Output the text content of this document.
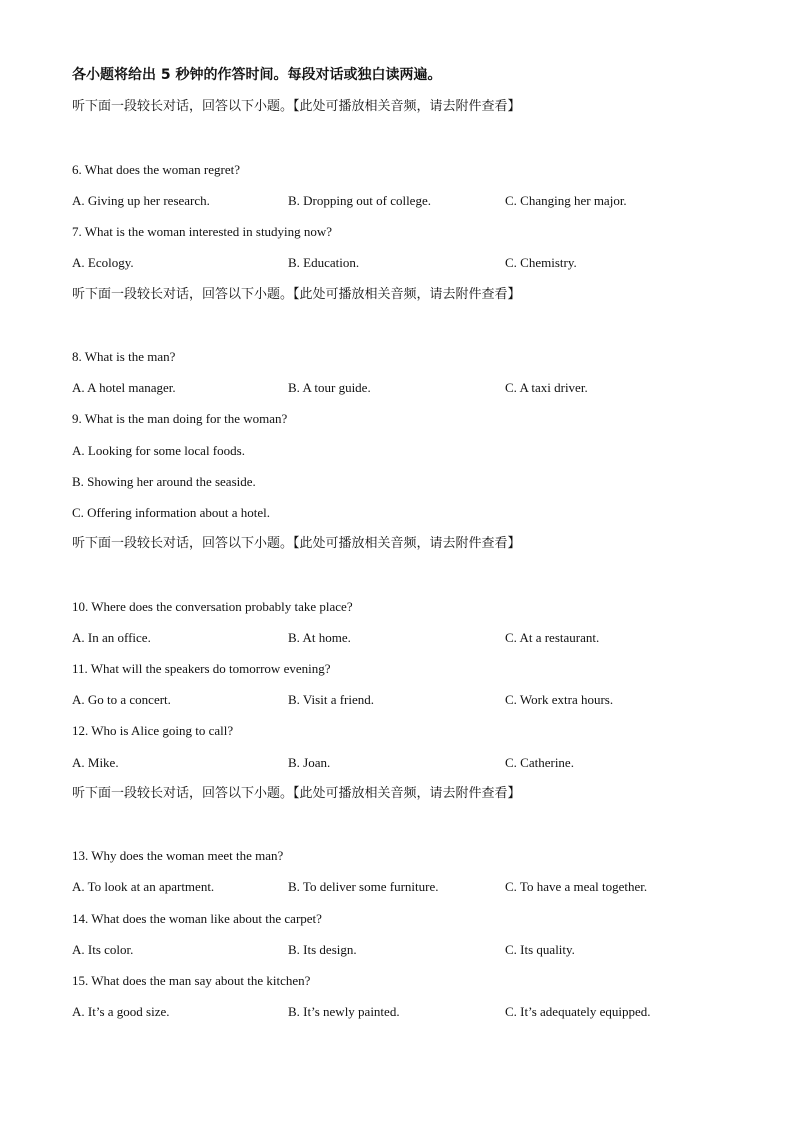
各小题将给出 5 秒钟的作答时间。每段对话或独白读两遍。
听下面一段较长对话，回答以下小题。【此处可播放相关音频，请去附件查看】
6. What does the woman regret?
A. Giving up her research.	B. Dropping out of college.	C. Changing her major.
7. What is the woman interested in studying now?
A. Ecology.	B. Education.	C. Chemistry.
听下面一段较长对话，回答以下小题。【此处可播放相关音频，请去附件查看】
8. What is the man?
A. A hotel manager.	B. A tour guide.	C. A taxi driver.
9. What is the man doing for the woman?
A. Looking for some local foods.
B. Showing her around the seaside.
C. Offering information about a hotel.
听下面一段较长对话，回答以下小题。【此处可播放相关音频，请去附件查看】
10. Where does the conversation probably take place?
A. In an office.	B. At home.	C. At a restaurant.
11. What will the speakers do tomorrow evening?
A. Go to a concert.	B. Visit a friend.	C. Work extra hours.
12. Who is Alice going to call?
A. Mike.	B. Joan.	C. Catherine.
听下面一段较长对话，回答以下小题。【此处可播放相关音频，请去附件查看】
13. Why does the woman meet the man?
A. To look at an apartment.	B. To deliver some furniture.	C. To have a meal together.
14. What does the woman like about the carpet?
A. Its color.	B. Its design.	C. Its quality.
15. What does the man say about the kitchen?
A. It’s a good size.	B. It’s newly painted.	C. It’s adequately equipped.
